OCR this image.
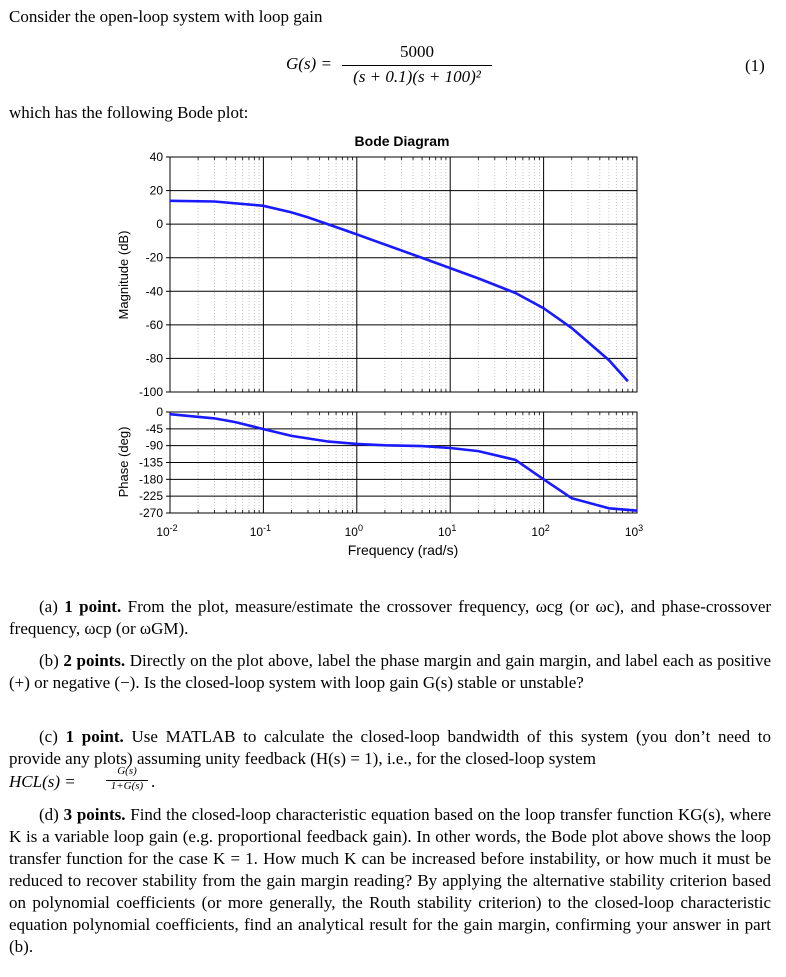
Consider the open-loop system with loop gain
G(s) =
5000
(s + 0.1)(s + 100)²
(1)
which has the following Bode plot:
Bode Diagram
40
20
0
-20
-40
-60
-80
-100
0
-45
-90
-135
-180
-225
-270
$10^{-2}$	$10^{-1}$	$10^0$	$10^1$	$10^2$	$10^3$
Magnitude (dB)
Phase (deg)
Frequency (rad/s)
(a) 1 point. From the plot, measure/estimate the crossover frequency, ωcg (or ωc), and phase-crossover frequency, ωcp (or ωGM).
(b) 2 points. Directly on the plot above, label the phase margin and gain margin, and label each as positive (+) or negative (−). Is the closed-loop system with loop gain G(s) stable or unstable?
(c) 1 point. Use MATLAB to calculate the closed-loop bandwidth of this system (you don’t need to provide any plots) assuming unity feedback (H(s) = 1), i.e., for the closed-loop system
HCL(s) =
G(s)
1+G(s) .
(d) 3 points. Find the closed-loop characteristic equation based on the loop transfer function KG(s), where K is a variable loop gain (e.g. proportional feedback gain). In other words, the Bode plot above shows the loop transfer function for the case K = 1. How much K can be increased before instability, or how much it must be reduced to recover stability from the gain margin reading? By applying the alternative stability criterion based on polynomial coefficients (or more generally, the Routh stability criterion) to the closed-loop characteristic equation polynomial coefficients, find an analytical result for the gain margin, confirming your answer in part (b).
